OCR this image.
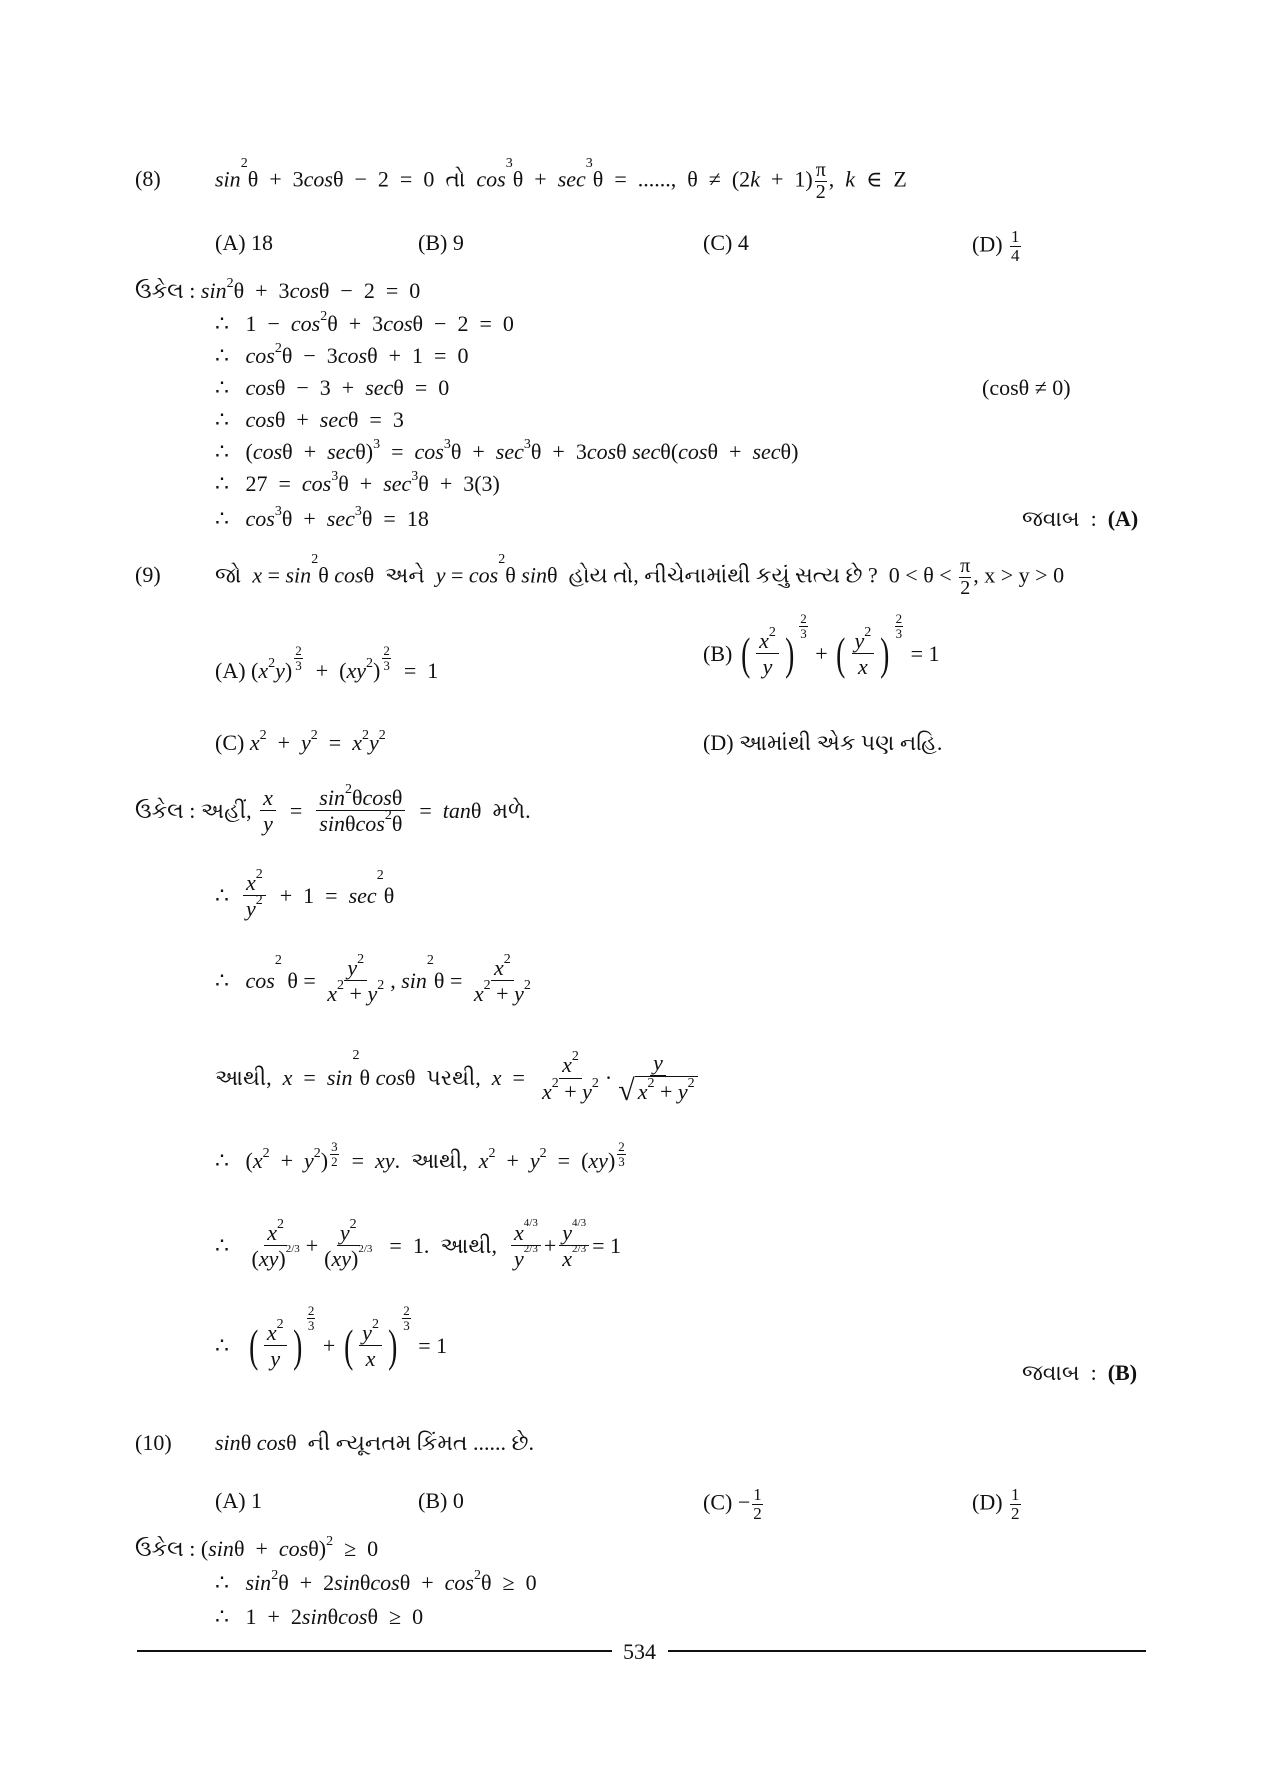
(8) $\sin^2\theta + 3\cos\theta - 2 = 0$  તો  $\cos^3\theta + \sec^3\theta$  =  ......,  $\theta \ne (2k + 1) \frac{\pi}{2}$ ,  k  ∈  Z
(A) 18	(B) 9	(C) 4	$(D) \frac{1}{4}$
ઉકેલ : $\sin^2\theta + 3\cos\theta - 2 = 0$
∴   $1 - \cos^2\theta + 3\cos\theta - 2 = 0$
∴   $\cos^2\theta - 3\cos\theta + 1 = 0$
∴   cosθ  −  3  +  secθ  =  0	(cosθ ≠ 0)
∴   cosθ  +  secθ  =  3
∴   $(\cos\theta + \sec\theta)^3 = \cos^3\theta + \sec^3\theta + 3\cos\theta$ secθ(cosθ  +  secθ)
∴   $27 = \cos^3\theta + \sec^3\theta + 3(3)$
∴   $\cos^3\theta + \sec^3\theta = 18$	જવાબ  :  (A)
(9) જો $x = \sin^2\theta$ cosθ  અને $y = \cos^2\theta$ sinθ  હોય તો, નીચેનામાંથી કયું સત્ય છે ? $0 < \theta < \frac{\pi}{2}$ , x > y > 0
(A) $(x^2y) \frac{2}{3} + (xy^2) \frac{2}{3} = 1$
(B) ( $\frac{x^2}{y}$ )
$\frac{2}{3}$
+ ( $\frac{y^2}{x}$ )
$\frac{2}{3}$
= 1
(C) $x^2 + y^2 = x^2y^2$	(D) આમાંથી એક પણ નહિ.
ઉકેલ : અહીં, $\frac{x}{y} = \frac{\sin^2\theta\cos\theta}{\sin\theta\cos^2\theta} = \tan\theta$  મળે.
∴ $\frac{x^2}{y^2} + 1 = \sec^2\theta$
∴ $\cos^2 \theta = \frac{y^2}{x^2 + y^2}$ , $\sin^2\theta = \frac{x^2}{x^2 + y^2}$
આથી, $x = \sin^2\theta$ cosθ  પરથી, $x = \frac{x^2}{x^2 + y^2} \cdot \frac{y}{√ x^2 + y^2}$
∴   $(x^2 + y^2) \frac{3}{2}$ =  xy.  આથી, $x^2 + y^2 = (xy) \frac{2}{3}$
∴ $\frac{x^2}{(xy)^{2/3}} + \frac{y^2}{(xy)^{2/3}} = 1$.  આથી, $\frac{x^{4/3}}{y^{2/3}} + \frac{y^{4/3}}{x^{2/3}} = 1$
∴ ( $\frac{x^2}{y}$ )
$\frac{2}{3}$
+ ( $\frac{y^2}{x}$ )
$\frac{2}{3}$
= 1
જવાબ  :  (B)
(10) sinθ cosθ  ની ન્યૂનતમ કિંમત ...... છે.
(A) 1	(B) 0	$(C) - \frac{1}{2}$	$(D) \frac{1}{2}$
ઉકેલ : $(\sin\theta + \cos\theta)^2 \ge 0$
∴   $\sin^2\theta + 2\sin\theta\cos\theta + \cos^2\theta \ge 0$
∴   1  +  2sinθcosθ  ≥  0
534
